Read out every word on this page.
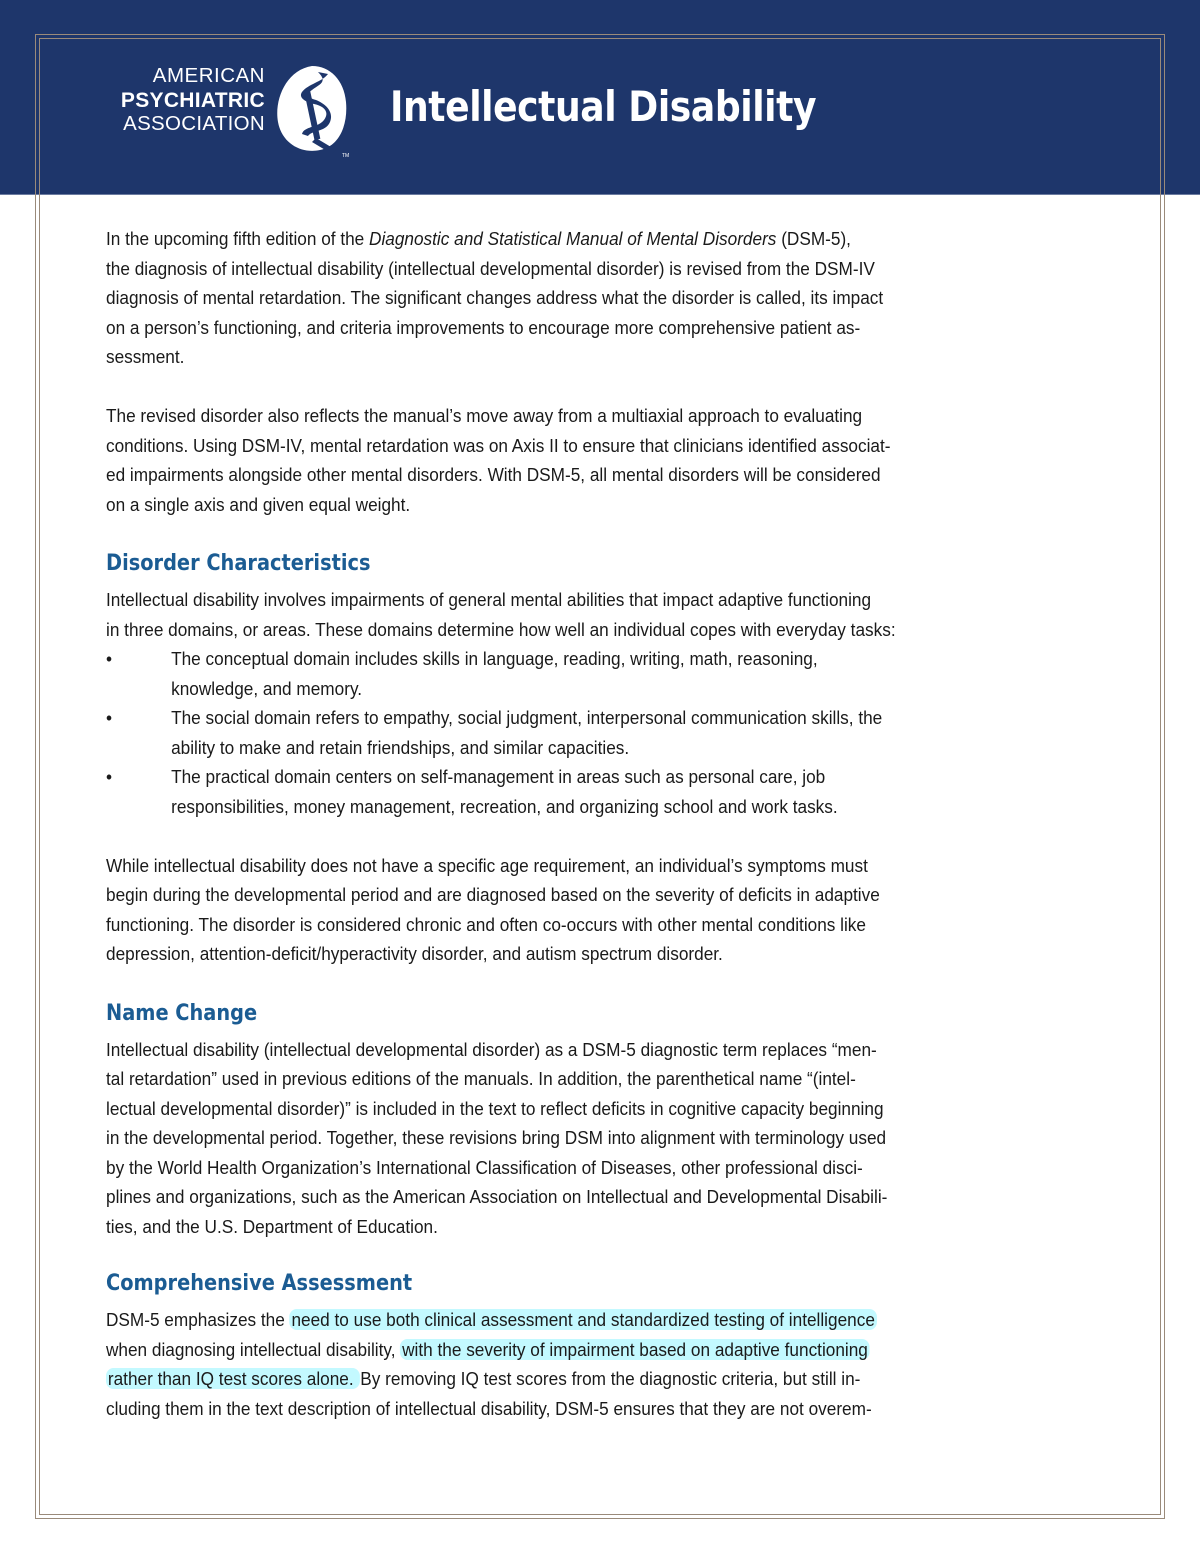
AMERICAN
PSYCHIATRIC
ASSOCIATION
TM
Intellectual Disability

In the upcoming fifth edition of the Diagnostic and Statistical Manual of Mental Disorders (DSM-5),

the diagnosis of intellectual disability (intellectual developmental disorder) is revised from the DSM-IV

diagnosis of mental retardation. The significant changes address what the disorder is called, its impact

on a person’s functioning, and criteria improvements to encourage more comprehensive patient as-

sessment.

The revised disorder also reflects the manual’s move away from a multiaxial approach to evaluating

conditions. Using DSM-IV, mental retardation was on Axis II to ensure that clinicians identified associat-

ed impairments alongside other mental disorders. With DSM-5, all mental disorders will be considered

on a single axis and given equal weight.

Disorder Characteristics

Intellectual disability involves impairments of general mental abilities that impact adaptive functioning

in three domains, or areas. These domains determine how well an individual copes with everyday tasks:

•	The conceptual domain includes skills in language, reading, writing, math, reasoning,

knowledge, and memory.

•	The social domain refers to empathy, social judgment, interpersonal communication skills, the

ability to make and retain friendships, and similar capacities.

•	The practical domain centers on self-management in areas such as personal care, job

responsibilities, money management, recreation, and organizing school and work tasks.

While intellectual disability does not have a specific age requirement, an individual’s symptoms must

begin during the developmental period and are diagnosed based on the severity of deficits in adaptive

functioning. The disorder is considered chronic and often co-occurs with other mental conditions like

depression, attention-deficit/hyperactivity disorder, and autism spectrum disorder.

Name Change

Intellectual disability (intellectual developmental disorder) as a DSM-5 diagnostic term replaces “men-

tal retardation” used in previous editions of the manuals. In addition, the parenthetical name “(intel-

lectual developmental disorder)” is included in the text to reflect deficits in cognitive capacity beginning

in the developmental period. Together, these revisions bring DSM into alignment with terminology used

by the World Health Organization’s International Classification of Diseases, other professional disci-

plines and organizations, such as the American Association on Intellectual and Developmental Disabili-

ties, and the U.S. Department of Education.

Comprehensive Assessment

DSM-5 emphasizes the need to use both clinical assessment and standardized testing of intelligence

when diagnosing intellectual disability, with the severity of impairment based on adaptive functioning

rather than IQ test scores alone. By removing IQ test scores from the diagnostic criteria, but still in-

cluding them in the text description of intellectual disability, DSM-5 ensures that they are not overem-
